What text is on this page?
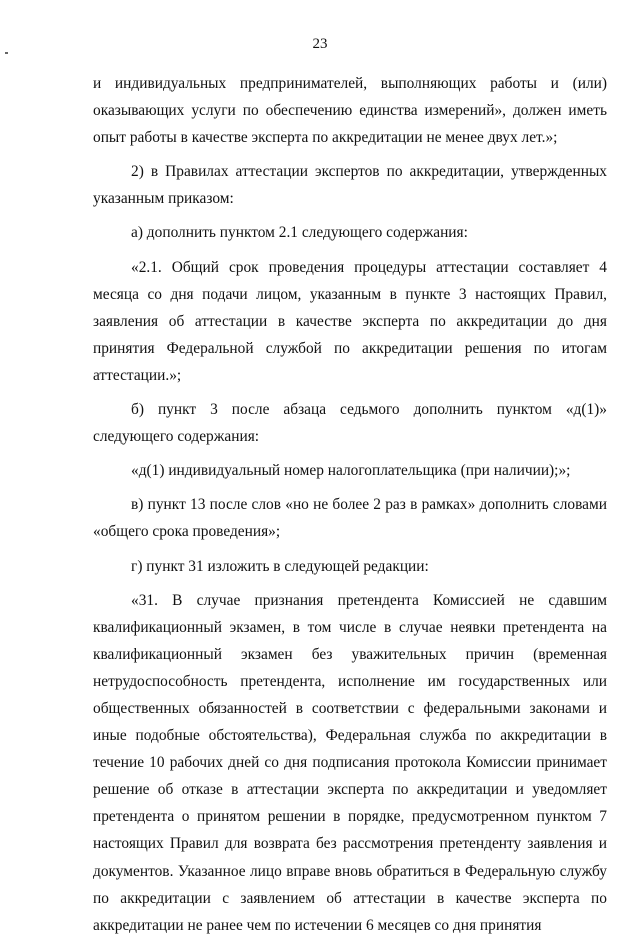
23

и индивидуальных предпринимателей, выполняющих работы и (или) оказывающих услуги по обеспечению единства измерений», должен иметь опыт работы в качестве эксперта по аккредитации не менее двух лет.»;

2) в Правилах аттестации экспертов по аккредитации, утвержденных указанным приказом:

а) дополнить пунктом 2.1 следующего содержания:

«2.1. Общий срок проведения процедуры аттестации составляет 4 месяца со дня подачи лицом, указанным в пункте 3 настоящих Правил, заявления об аттестации в качестве эксперта по аккредитации до дня принятия Федеральной службой по аккредитации решения по итогам аттестации.»;

б) пункт 3 после абзаца седьмого дополнить пунктом «д(1)» следующего содержания:

«д(1) индивидуальный номер налогоплательщика (при наличии);»;

в) пункт 13 после слов «но не более 2 раз в рамках» дополнить словами «общего срока проведения»;

г) пункт 31 изложить в следующей редакции:

«31. В случае признания претендента Комиссией не сдавшим квалификационный экзамен, в том числе в случае неявки претендента на квалификационный экзамен без уважительных причин (временная нетрудоспособность претендента, исполнение им государственных или общественных обязанностей в соответствии с федеральными законами и иные подобные обстоятельства), Федеральная служба по аккредитации в течение 10 рабочих дней со дня подписания протокола Комиссии принимает решение об отказе в аттестации эксперта по аккредитации и уведомляет претендента о принятом решении в порядке, предусмотренном пунктом 7 настоящих Правил для возврата без рассмотрения претенденту заявления и документов. Указанное лицо вправе вновь обратиться в Федеральную службу по аккредитации с заявлением об аттестации в качестве эксперта по аккредитации не ранее чем по истечении 6 месяцев со дня принятия
